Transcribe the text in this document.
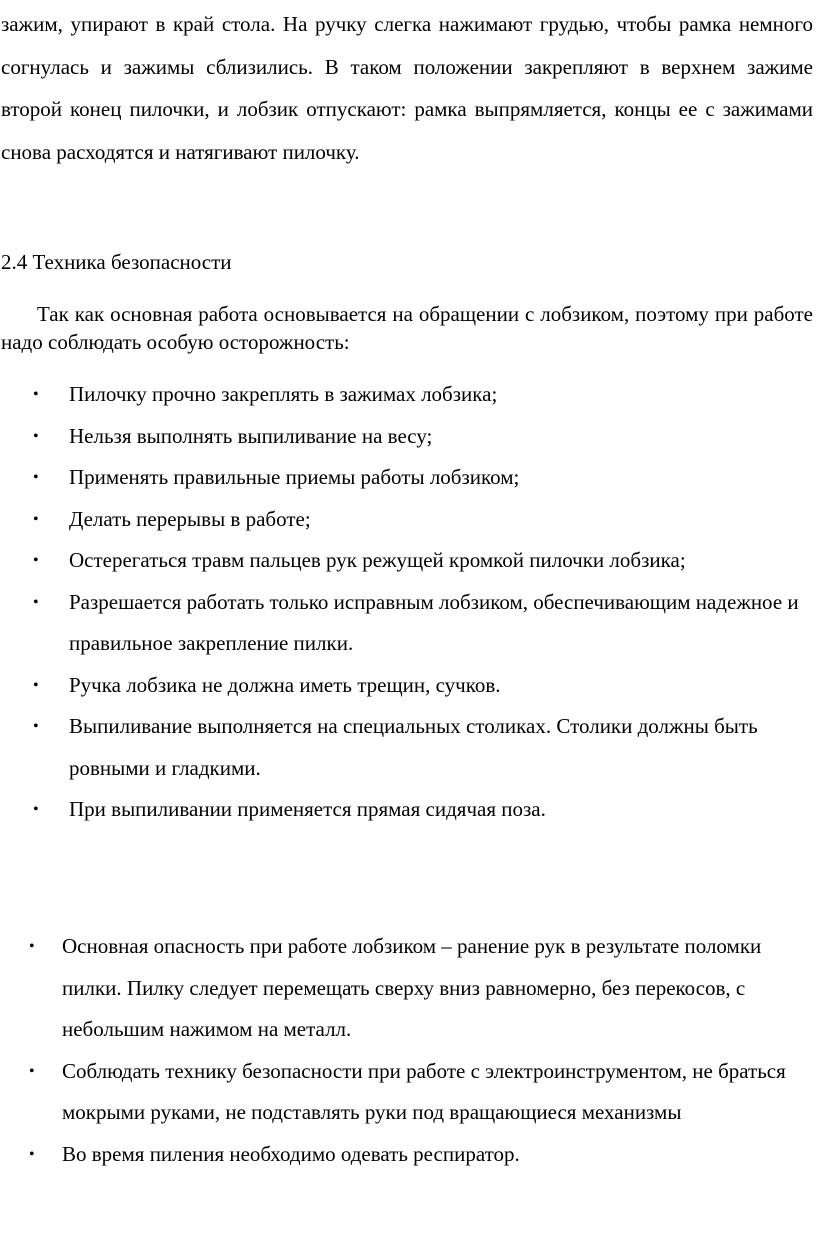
зажим, упирают в край стола. На ручку слегка нажимают грудью, чтобы рамка немного согнулась и зажимы сблизились. В таком положении закрепляют в верхнем зажиме второй конец пилочки, и лобзик отпускают: рамка выпрямляется, концы ее с зажимами снова расходятся и натягивают пилочку.

2.4 Техника безопасности

Так как основная работа основывается на обращении с лобзиком, поэтому при работе надо соблюдать особую осторожность:

• Пилочку прочно закреплять в зажимах лобзика;
• Нельзя выполнять выпиливание на весу;
• Применять правильные приемы работы лобзиком;
• Делать перерывы в работе;
• Остерегаться травм пальцев рук режущей кромкой пилочки лобзика;
• Разрешается работать только исправным лобзиком, обеспечивающим надежное и правильное закрепление пилки.
• Ручка лобзика не должна иметь трещин, сучков.
• Выпиливание выполняется на специальных столиках. Столики должны быть ровными и гладкими.
• При выпиливании применяется прямая сидячая поза.
• Основная опасность при работе лобзиком – ранение рук в результате поломки пилки. Пилку следует перемещать сверху вниз равномерно, без перекосов, с небольшим нажимом на металл.
• Соблюдать технику безопасности при работе с электроинструментом, не браться мокрыми руками, не подставлять руки под вращающиеся механизмы
• Во время пиления необходимо одевать респиратор.
